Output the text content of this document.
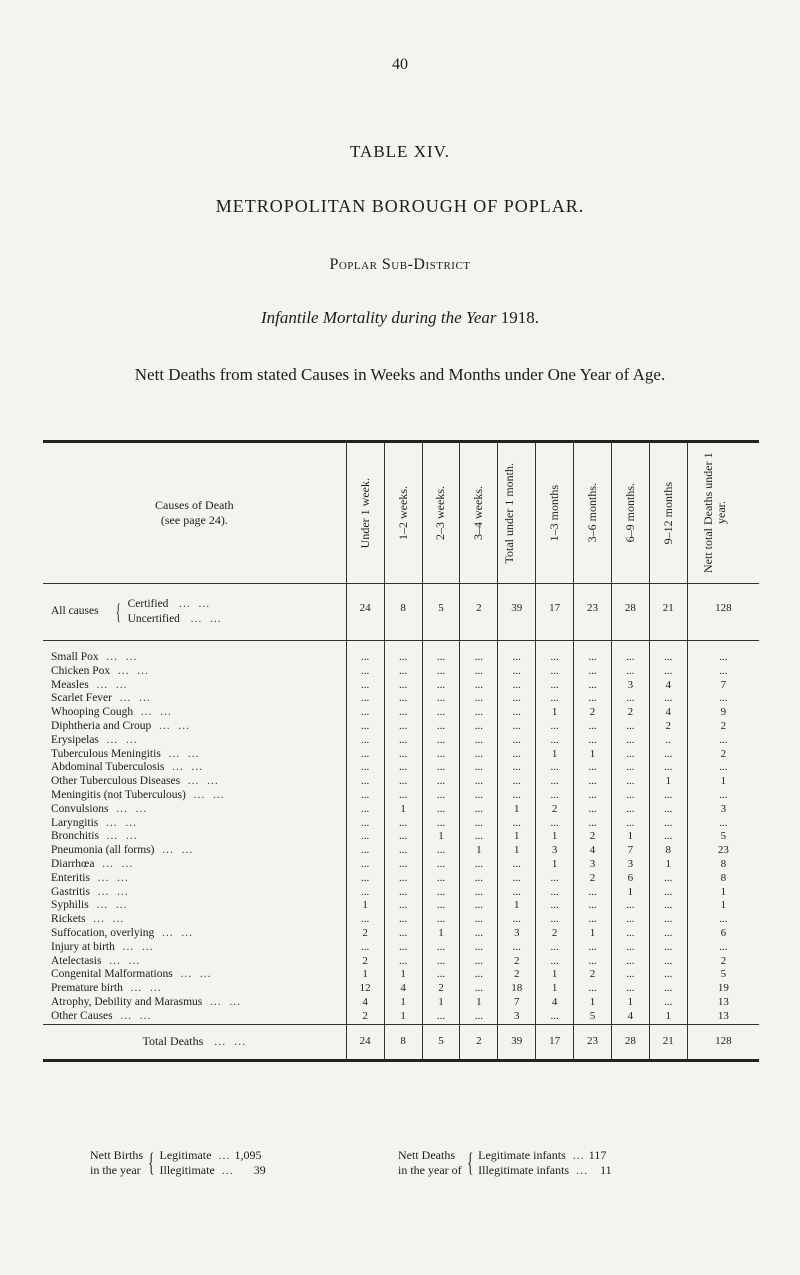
40
TABLE XIV.
METROPOLITAN BOROUGH OF POPLAR.
Poplar Sub-District
Infantile Mortality during the Year 1918.
Nett Deaths from stated Causes in Weeks and Months under One Year of Age.
Causes of Death
(see page 24).	Under 1 week.	1–2 weeks.	2–3 weeks.	3–4 weeks.	Total under 1 month.	1–3 months	3–6 months.	6–9 months.	9–12 months	Nett total Deaths under 1 year.

All causes { Certified   ...  ...
Uncertified   ...  ...	24	8	5	2	39	17	23	28	21	128
Small Pox  ...  ...	...	...	...	...	...	...	...	...	...	...
Chicken Pox  ...  ...	...	...	...	...	...	...	...	...	...	...
Measles  ...  ...	...	...	...	...	...	...	...	3	4	7
Scarlet Fever  ...  ...	...	...	...	...	...	...	...	...	...	...
Whooping Cough  ...  ...	...	...	...	...	...	1	2	2	4	9
Diphtheria and Croup  ...  ...	...	...	...	...	...	...	...	...	2	2
Erysipelas  ...  ...	...	...	...	...	...	...	...	...	..	...
Tuberculous Meningitis  ...  ...	...	...	...	...	...	1	1	...	...	2
Abdominal Tuberculosis  ...  ...	...	...	...	...	...	...	...	...	...	...
Other Tuberculous Diseases  ...  ...	...	...	...	...	...	...	...	...	1	1
Meningitis (not Tuberculous)  ...  ...	...	...	...	...	...	...	...	...	...	...
Convulsions  ...  ...	...	1	...	...	1	2	...	...	...	3
Laryngitis  ...  ...	...	...	...	...	...	...	...	...	...	...
Bronchitis  ...  ...	...	...	1	...	1	1	2	1	...	5
Pneumonia (all forms)  ...  ...	...	...	...	1	1	3	4	7	8	23
Diarrhœa  ...  ...	...	...	...	...	...	1	3	3	1	8
Enteritis  ...  ...	...	...	...	...	...	...	2	6	...	8
Gastritis  ...  ...	...	...	...	...	...	...	...	1	...	1
Syphilis  ...  ...	1	...	...	...	1	...	...	...	...	1
Rickets  ...  ...	...	...	...	...	...	...	...	...	...	...
Suffocation, overlying  ...  ...	2	...	1	...	3	2	1	...	...	6
Injury at birth  ...  ...	...	...	...	...	...	...	...	...	...	...
Atelectasis  ...  ...	2	...	...	...	2	...	...	...	...	2
Congenital Malformations  ...  ...	1	1	...	...	2	1	2	...	...	5
Premature birth  ...  ...	12	4	2	...	18	1	...	...	...	19
Atrophy, Debility and Marasmus  ...  ...	4	1	1	1	7	4	1	1	...	13
Other Causes  ...  ...	2	1	...	...	3	...	5	4	1	13
Total Deaths   ...  ...	24	8	5	2	39	17	23	28	21	128
Nett Births
in the year { Legitimate  ... 1,095
Illegitimate  ...     39
Nett Deaths
in the year of { Legitimate infants  ... 117
Illegitimate infants  ...   11
